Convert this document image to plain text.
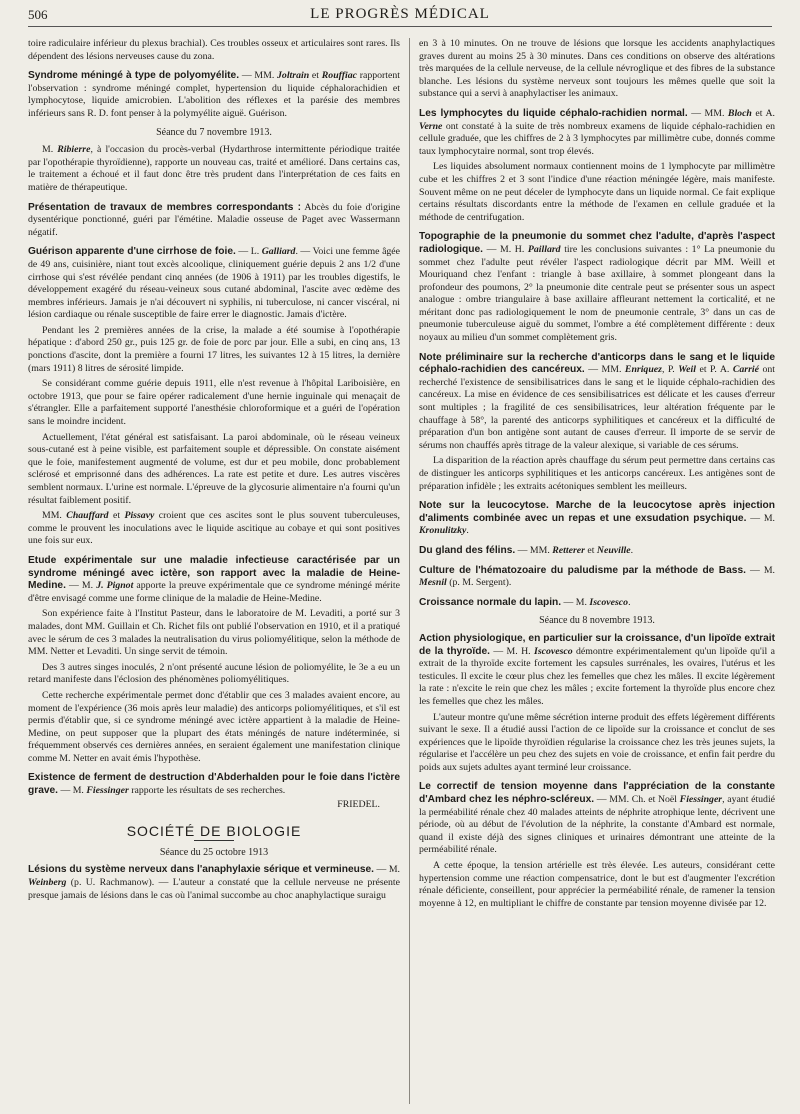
506	LE PROGRÈS MÉDICAL

toire radiculaire inférieur du plexus brachial). Ces troubles osseux et articulaires sont rares. Ils dépendent des lésions nerveuses cause du zona.

Syndrome méningé à type de polyomyélite. — MM. Joltrain et Rouffiac rapportent l'observation : syndrome méningé complet, hypertension du liquide céphalorachidien et lymphocytose, liquide amicrobien. L'abolition des réflexes et la parésie des membres inférieurs sans R. D. font penser à la polymyélite aiguë. Guérison.

Séance du 7 novembre 1913.

M. Ribierre, à l'occasion du procès-verbal (Hydarthrose intermittente périodique traitée par l'opothérapie thyroïdienne), rapporte un nouveau cas, traité et amélioré. Dans certains cas, le traitement a échoué et il faut donc être très prudent dans l'interprétation de ces faits en matière de thérapeutique.

Présentation de travaux de membres correspondants : Abcès du foie d'origine dysentérique ponctionné, guéri par l'émétine. Maladie osseuse de Paget avec Wassermann négatif.

Guérison apparente d'une cirrhose de foie. — L. Galliard. — Voici une femme âgée de 49 ans, cuisinière, niant tout excès alcoolique, cliniquement guérie depuis 2 ans 1/2 d'une cirrhose qui s'est révélée pendant cinq années (de 1906 à 1911) par les troubles digestifs, le développement exagéré du réseau-veineux sous cutané abdominal, l'ascite avec œdème des membres inférieurs. Jamais je n'ai découvert ni syphilis, ni tuberculose, ni cancer viscéral, ni lésion cardiaque ou rénale susceptible de faire errer le diagnostic. Jamais d'ictère.

Pendant les 2 premières années de la crise, la malade a été soumise à l'opothérapie hépatique : d'abord 250 gr., puis 125 gr. de foie de porc par jour. Elle a subi, en cinq ans, 13 ponctions d'ascite, dont la première a fourni 17 litres, les suivantes 12 à 15 litres, la dernière (mars 1911) 8 litres de sérosité limpide.

Se considérant comme guérie depuis 1911, elle n'est revenue à l'hôpital Lariboisière, en octobre 1913, que pour se faire opérer radicalement d'une hernie inguinale qui menaçait de s'étrangler. Elle a parfaitement supporté l'anesthésie chloroformique et a guéri de l'opération sans le moindre incident.

Actuellement, l'état général est satisfaisant. La paroi abdominale, où le réseau veineux sous-cutané est à peine visible, est parfaitement souple et dépressible. On constate aisément que le foie, manifestement augmenté de volume, est dur et peu mobile, donc probablement sclérosé et emprisonné dans des adhérences. La rate est petite et dure. Les autres viscères semblent normaux. L'urine est normale. L'épreuve de la glycosurie alimentaire n'a fourni qu'un résultat faiblement positif.

MM. Chauffard et Pissavy croient que ces ascites sont le plus souvent tuberculeuses, comme le prouvent les inoculations avec le liquide ascitique au cobaye et qui sont positives une fois sur eux.

Etude expérimentale sur une maladie infectieuse caractérisée par un syndrome méningé avec ictère, son rapport avec la maladie de Heine-Medine. — M. J. Pignot apporte la preuve expérimentale que ce syndrome méningé mérite d'être envisagé comme une forme clinique de la maladie de Heine-Medine.

Son expérience faite à l'Institut Pasteur, dans le laboratoire de M. Levaditi, a porté sur 3 malades, dont MM. Guillain et Ch. Richet fils ont publié l'observation en 1910, et il a pratiqué avec le sérum de ces 3 malades la neutralisation du virus poliomyélitique, selon la méthode de MM. Netter et Levaditi. Un singe servit de témoin.

Des 3 autres singes inoculés, 2 n'ont présenté aucune lésion de poliomyélite, le 3e a eu un retard manifeste dans l'éclosion des phénomènes poliomyélitiques.

Cette recherche expérimentale permet donc d'établir que ces 3 malades avaient encore, au moment de l'expérience (36 mois après leur maladie) des anticorps poliomyélitiques, et s'il est permis d'établir que, si ce syndrome méningé avec ictère appartient à la maladie de Heine-Medine, on peut supposer que la plupart des états méningés de nature indéterminée, si fréquemment observés ces dernières années, en seraient également une manifestation clinique comme M. Netter en avait émis l'hypothèse.

Existence de ferment de destruction d'Abderhalden pour le foie dans l'ictère grave. — M. Fiessinger rapporte les résultats de ses recherches.

FRIEDEL.

SOCIÉTÉ DE BIOLOGIE

Séance du 25 octobre 1913

Lésions du système nerveux dans l'anaphylaxie sérique et vermineuse. — M. Weinberg (p. U. Rachmanow). — L'auteur a constaté que la cellule nerveuse ne présente presque jamais de lésions dans le cas où l'animal succombe au choc anaphylactique suraigu

en 3 à 10 minutes. On ne trouve de lésions que lorsque les accidents anaphylactiques graves durent au moins 25 à 30 minutes. Dans ces conditions on observe des altérations très marquées de la cellule nerveuse, de la cellule névroglique et des fibres de la substance blanche. Les lésions du système nerveux sont toujours les mêmes quelle que soit la substance qui a servi à anaphylactiser les animaux.

Les lymphocytes du liquide céphalo-rachidien normal. — MM. Bloch et A. Verne ont constaté à la suite de très nombreux examens de liquide céphalo-rachidien en cellule graduée, que les chiffres de 2 à 3 lymphocytes par millimètre cube, donnés comme taux lymphocytaire normal, sont trop élevés.

Les liquides absolument normaux contiennent moins de 1 lymphocyte par millimètre cube et les chiffres 2 et 3 sont l'indice d'une réaction méningée légère, mais manifeste. Souvent même on ne peut déceler de lymphocyte dans un liquide normal. Ce fait explique certains résultats discordants entre la méthode de l'examen en cellule graduée et la méthode de centrifugation.

Topographie de la pneumonie du sommet chez l'adulte, d'après l'aspect radiologique. — M. H. Paillard tire les conclusions suivantes : 1° La pneumonie du sommet chez l'adulte peut révéler l'aspect radiologique décrit par MM. Weill et Mouriquand chez l'enfant : triangle à base axillaire, à sommet plongeant dans la profondeur des poumons, 2° la pneumonie dite centrale peut se présenter sous un aspect analogue : ombre triangulaire à base axillaire affleurant nettement la corticalité, et ne méritant donc pas radiologiquement le nom de pneumonie centrale, 3° dans un cas de pneumonie tuberculeuse aiguë du sommet, l'ombre a été complètement différente : deux noyaux au milieu d'un sommet complètement gris.

Note préliminaire sur la recherche d'anticorps dans le sang et le liquide céphalo-rachidien des cancéreux. — MM. Enriquez, P. Weil et P. A. Carrié ont recherché l'existence de sensibilisatrices dans le sang et le liquide céphalo-rachidien des cancéreux. La mise en évidence de ces sensibilisatrices est délicate et les causes d'erreur sont multiples ; la fragilité de ces sensibilisatrices, leur altération fréquente par le chauffage à 58°, la parenté des anticorps syphilitiques et cancéreux et la difficulté de préparation d'un bon antigène sont autant de causes d'erreur. Il importe de se servir de sérums non chauffés après titrage de la valeur alexique, si variable de ces sérums.

La disparition de la réaction après chauffage du sérum peut permettre dans certains cas de distinguer les anticorps syphilitiques et les anticorps cancéreux. Les antigènes sont de préparation infidèle ; les extraits acétoniques semblent les meilleurs.

Note sur la leucocytose. Marche de la leucocytose après injection d'aliments combinée avec un repas et une exsudation psychique. — M. Kronulitzky.

Du gland des félins. — MM. Retterer et Neuville.

Culture de l'hématozoaire du paludisme par la méthode de Bass. — M. Mesnil (p. M. Sergent).

Croissance normale du lapin. — M. Iscovesco.

Séance du 8 novembre 1913.

Action physiologique, en particulier sur la croissance, d'un lipoïde extrait de la thyroïde. — M. H. Iscovesco démontre expérimentalement qu'un lipoïde qu'il a extrait de la thyroïde excite fortement les capsules surrénales, les ovaires, l'utérus et les testicules. Il excite le cœur plus chez les femelles que chez les mâles. Il excite légèrement la rate : n'excite le rein que chez les mâles ; excite fortement la thyroïde plus encore chez les femelles que chez les mâles.

L'auteur montre qu'une même sécrétion interne produit des effets légèrement différents suivant le sexe. Il a étudié aussi l'action de ce lipoïde sur la croissance et conclut de ses expériences que le lipoïde thyroïdien régularise la croissance chez les très jeunes sujets, la régularise et l'accélère un peu chez des sujets en voie de croissance, et enfin fait perdre du poids aux sujets adultes ayant terminé leur croissance.

Le correctif de tension moyenne dans l'appréciation de la constante d'Ambard chez les néphro-scléreux. — MM. Ch. et Noël Fiessinger, ayant étudié la perméabilité rénale chez 40 malades atteints de néphrite atrophique lente, décrivent une période, où au début de l'évolution de la néphrite, la constante d'Ambard est normale, quand il existe déjà des signes cliniques et urinaires démontrant une atteinte de la perméabilité rénale.

A cette époque, la tension artérielle est très élevée. Les auteurs, considérant cette hypertension comme une réaction compensatrice, dont le but est d'augmenter l'excrétion rénale déficiente, conseillent, pour apprécier la perméabilité rénale, de ramener la tension moyenne à 12, en multipliant le chiffre de constante par tension moyenne divisée par 12.
